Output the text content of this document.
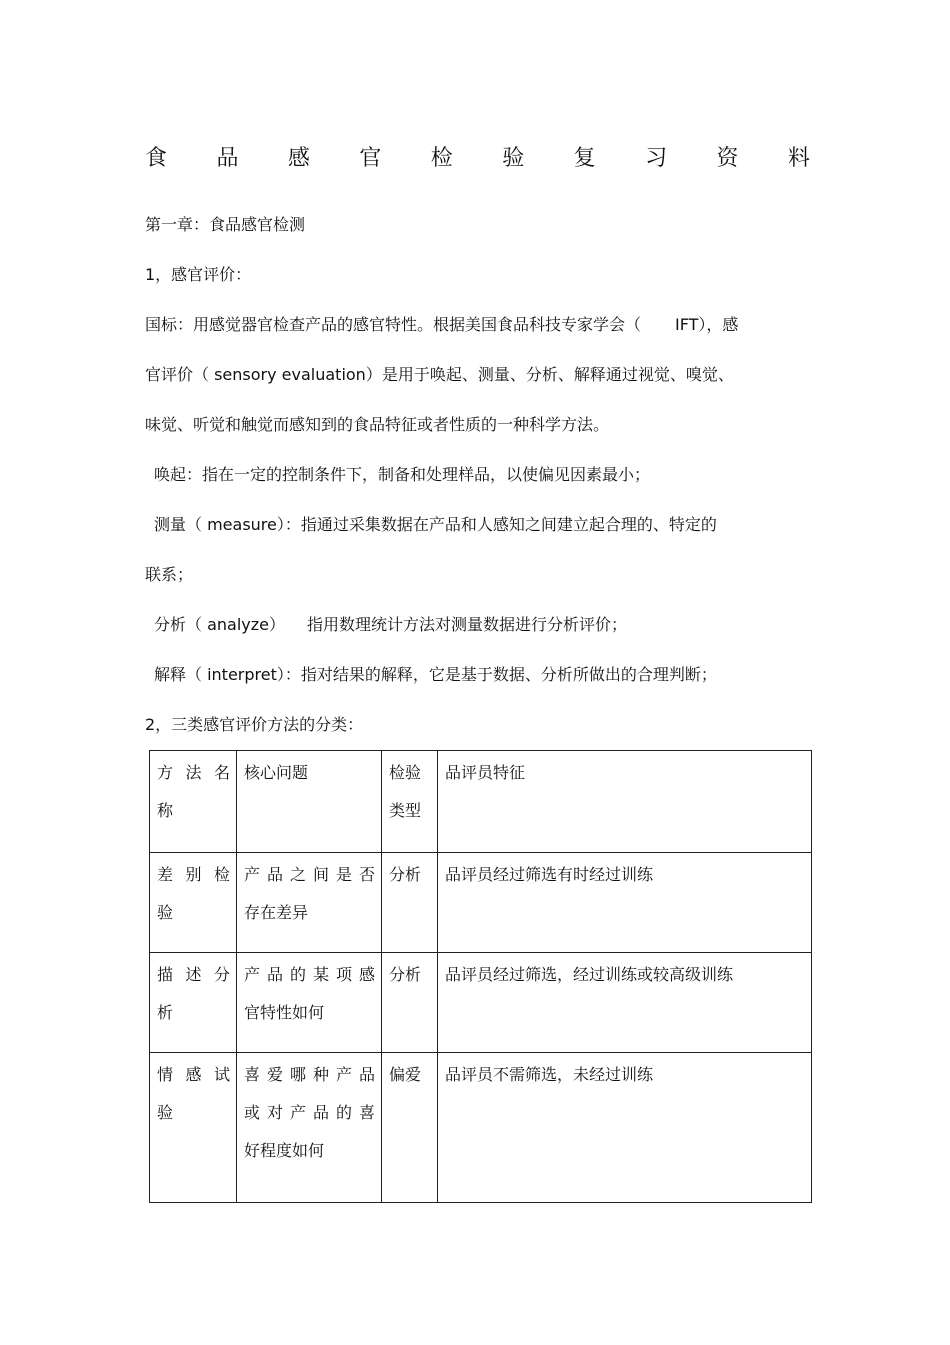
食 品 感 官 检 验 复 习 资 料
第一章：食品感官检测
1，感官评价：
国标：用感觉器官检查产品的感官特性。根据美国食品科技专家学会（ IFT），感
官评价（ sensory evaluation）是用于唤起、测量、分析、解释通过视觉、嗅觉、
味觉、听觉和触觉而感知到的食品特征或者性质的一种科学方法。
唤起：指在一定的控制条件下，制备和处理样品，以使偏见因素最小；
测量（ measure）：指通过采集数据在产品和人感知之间建立起合理的、特定的
联系；
分析（ analyze） 指用数理统计方法对测量数据进行分析评价；
解释（ interpret）：指对结果的解释，它是基于数据、分析所做出的合理判断；
2，三类感官评价方法的分类：
方法名
称	核心问题	检验
类型	品评员特征

差别检
验	产品之间是否
存在差异	分析	品评员经过筛选有时经过训练

描述分
析	产品的某项感
官特性如何	分析	品评员经过筛选，经过训练或较高级训练

情感试
验	喜爱哪种产品
或对产品的喜
好程度如何	偏爱	品评员不需筛选，未经过训练
